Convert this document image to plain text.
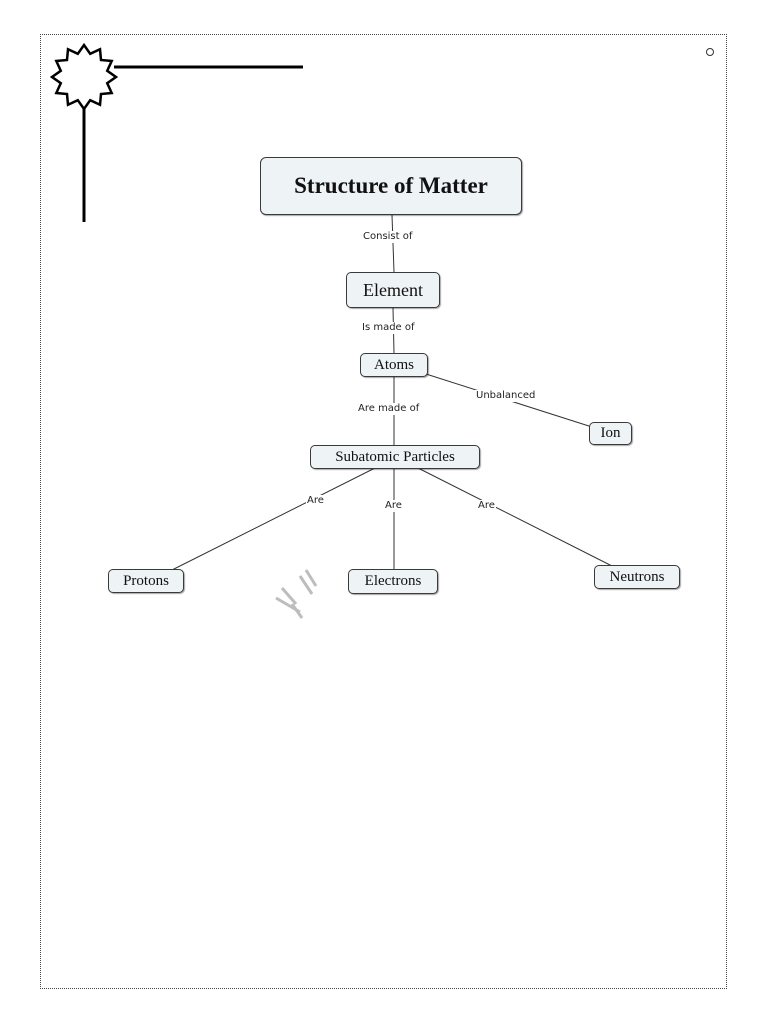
Consist of
Is made of
Are made of
Unbalanced
Are	Are	Are
Structure of Matter
Element
Atoms
Ion
Subatomic Particles
Protons	Electrons	Neutrons
